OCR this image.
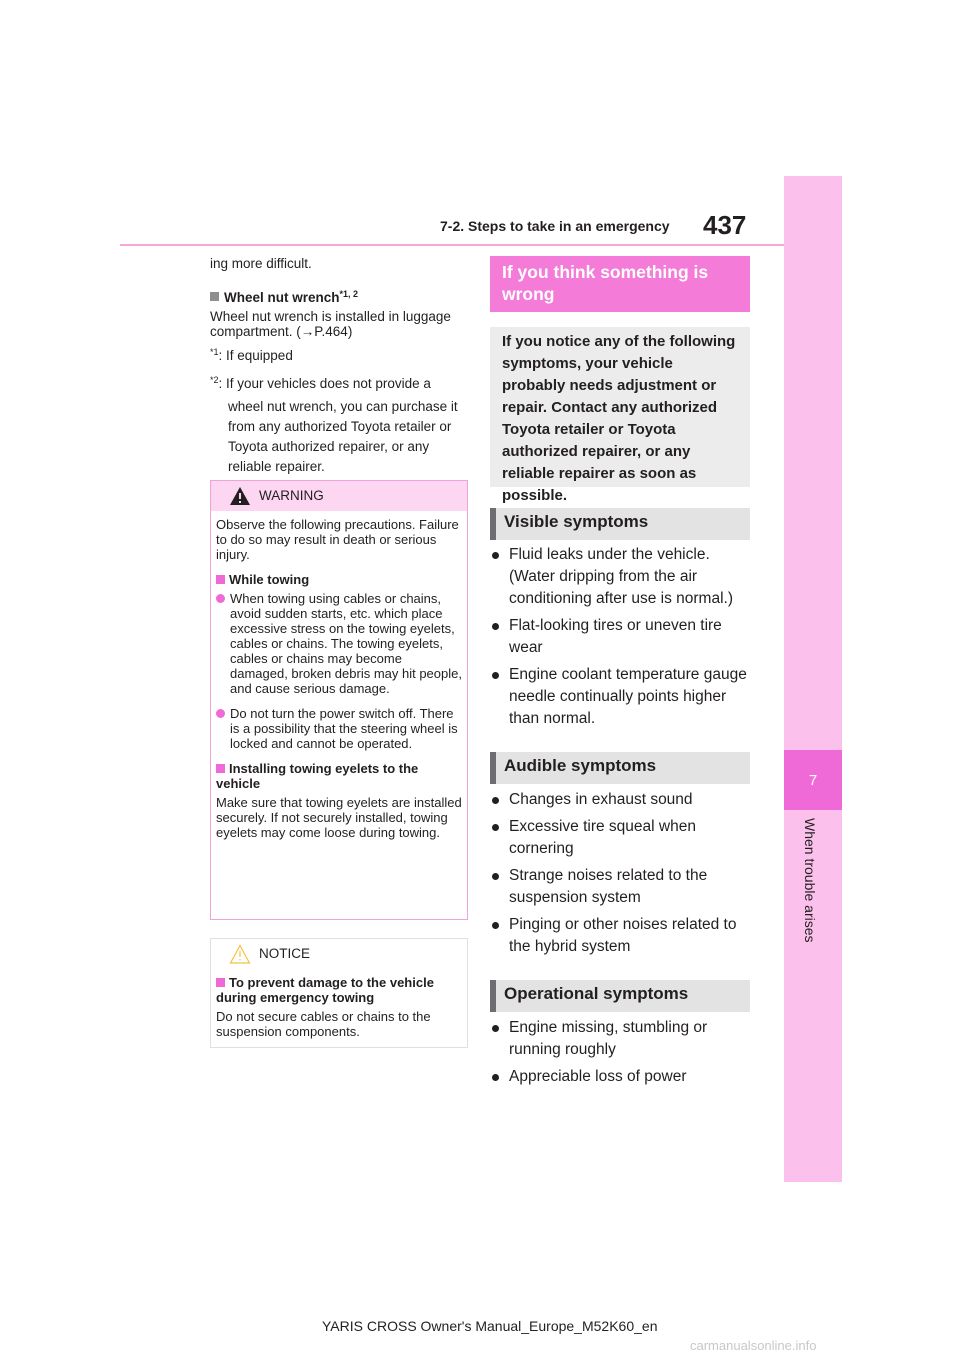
7-2. Steps to take in an emergency 437
7
When trouble arises

ing more difficult.

Wheel nut wrench$^{*1, 2}$

Wheel nut wrench is installed in luggage compartment. (→P.464)

$^{*1}$: If equipped
$^{*2}$: If your vehicles does not provide a
wheel nut wrench, you can purchase it from any authorized Toyota retailer or Toyota authorized repairer, or any reliable repairer.
WARNING

Observe the following precautions. Failure to do so may result in death or serious injury.

While towing
When towing using cables or chains, avoid sudden starts, etc. which place excessive stress on the towing eyelets, cables or chains. The towing eyelets, cables or chains may become damaged, broken debris may hit people, and cause serious damage.
Do not turn the power switch off. There is a possibility that the steering wheel is locked and cannot be operated.
Installing towing eyelets to the vehicle

Make sure that towing eyelets are installed securely. If not securely installed, towing eyelets may come loose during towing.

NOTICE
To prevent damage to the vehicle during emergency towing

Do not secure cables or chains to the suspension components.

If you think something is wrong
If you notice any of the following symptoms, your vehicle probably needs adjustment or repair. Contact any authorized Toyota retailer or Toyota authorized repairer, or any reliable repairer as soon as possible.
Visible symptoms
Fluid leaks under the vehicle. (Water dripping from the air conditioning after use is normal.)
Flat-looking tires or uneven tire wear
Engine coolant temperature gauge needle continually points higher than normal.
Audible symptoms
Changes in exhaust sound
Excessive tire squeal when cornering
Strange noises related to the suspension system
Pinging or other noises related to the hybrid system
Operational symptoms
Engine missing, stumbling or running roughly
Appreciable loss of power
YARIS CROSS Owner's Manual_Europe_M52K60_en
carmanualsonline.info
